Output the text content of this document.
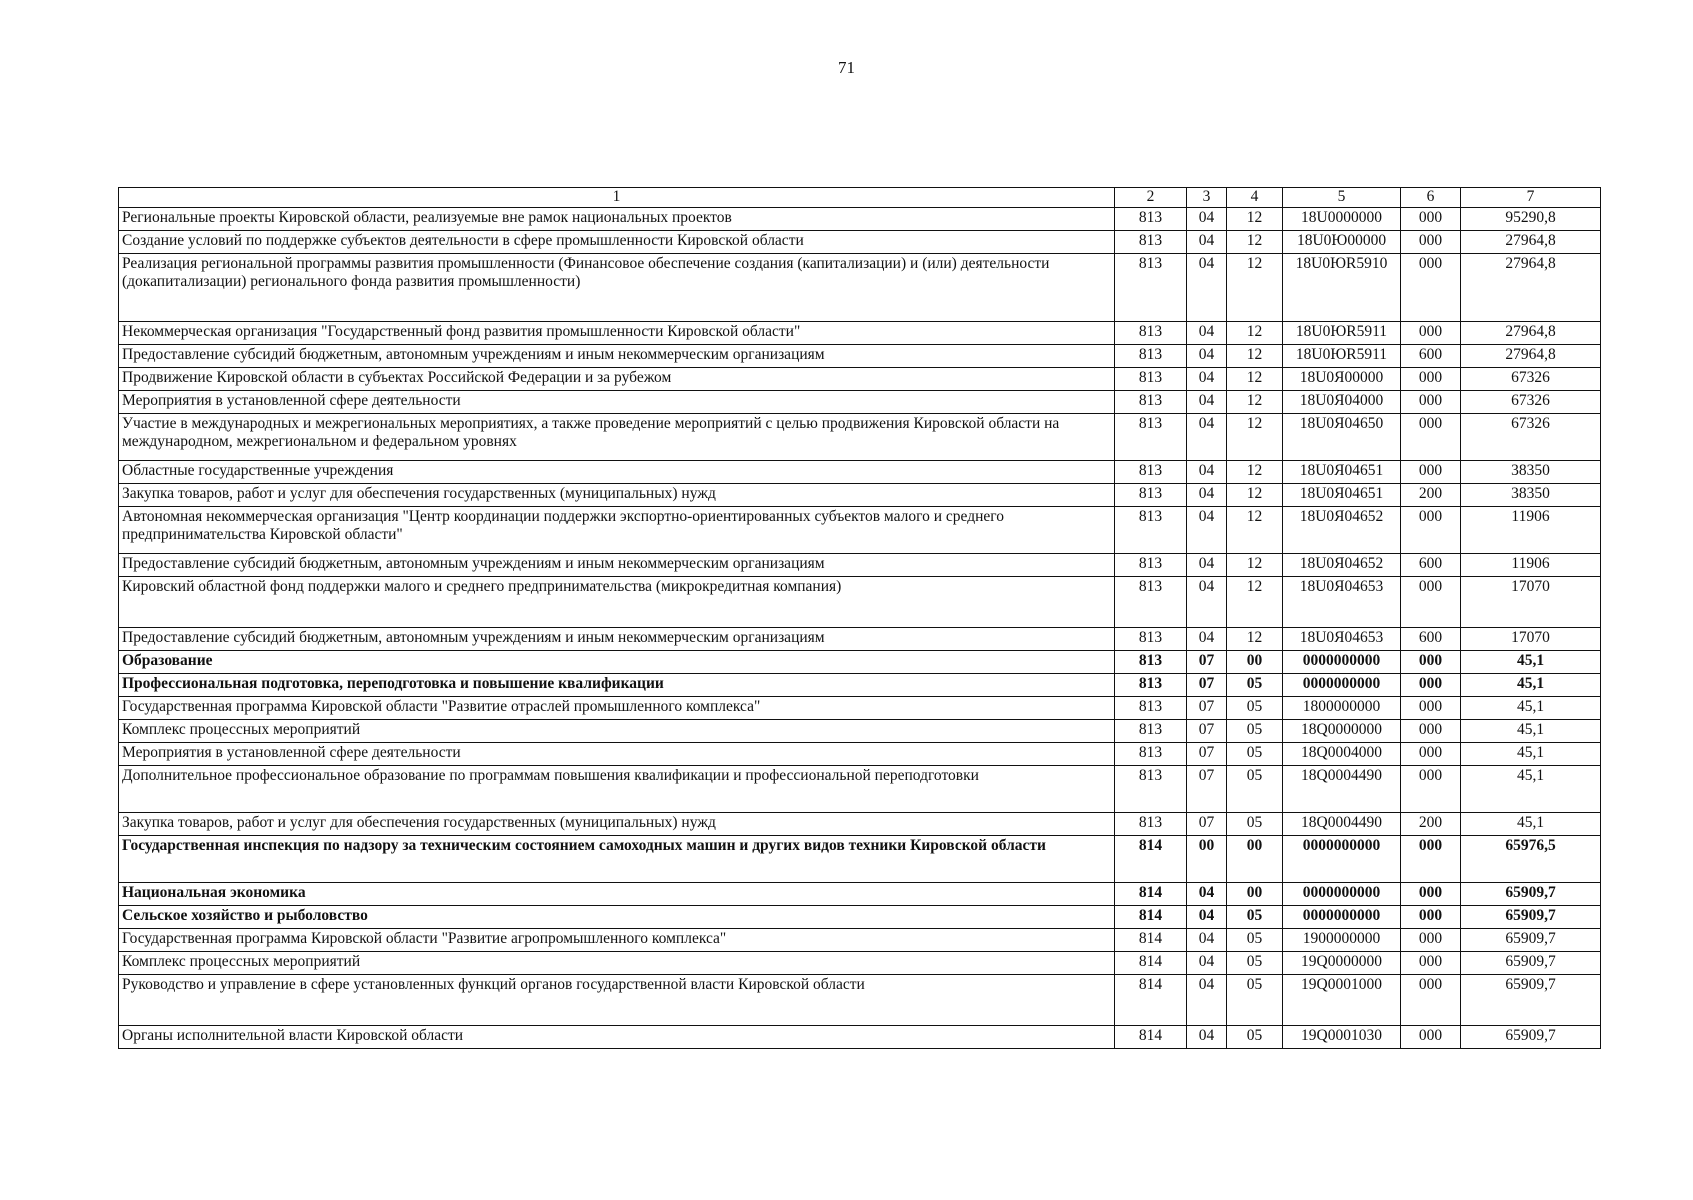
71
1	2	3	4	5	6	7
Региональные проекты Кировской области, реализуемые вне рамок национальных проектов	813	04	12	18U0000000	000	95290,8
Создание условий по поддержке субъектов деятельности в сфере промышленности Кировской области	813	04	12	18U0Ю00000	000	27964,8
Реализация региональной программы развития промышленности (Финансовое обеспечение создания (капитализации) и (или) деятельности (докапитализации) регионального фонда развития промышленности)	813	04	12	18U0ЮR5910	000	27964,8
Некоммерческая организация "Государственный фонд развития промышленности Кировской области"	813	04	12	18U0ЮR5911	000	27964,8
Предоставление субсидий бюджетным, автономным учреждениям и иным некоммерческим организациям	813	04	12	18U0ЮR5911	600	27964,8
Продвижение Кировской области в субъектах Российской Федерации и за рубежом	813	04	12	18U0Я00000	000	67326
Мероприятия в установленной сфере деятельности	813	04	12	18U0Я04000	000	67326
Участие в международных и межрегиональных мероприятиях, а также проведение мероприятий с целью продвижения Кировской области на международном, межрегиональном и федеральном уровнях	813	04	12	18U0Я04650	000	67326
Областные государственные учреждения	813	04	12	18U0Я04651	000	38350
Закупка товаров, работ и услуг для обеспечения государственных (муниципальных) нужд	813	04	12	18U0Я04651	200	38350
Автономная некоммерческая организация "Центр координации поддержки экспортно-ориентированных субъектов малого и среднего предпринимательства Кировской области"	813	04	12	18U0Я04652	000	11906
Предоставление субсидий бюджетным, автономным учреждениям и иным некоммерческим организациям	813	04	12	18U0Я04652	600	11906
Кировский областной фонд поддержки малого и среднего предпринимательства (микрокредитная компания)	813	04	12	18U0Я04653	000	17070
Предоставление субсидий бюджетным, автономным учреждениям и иным некоммерческим организациям	813	04	12	18U0Я04653	600	17070
Образование	813	07	00	0000000000	000	45,1
Профессиональная подготовка, переподготовка и повышение квалификации	813	07	05	0000000000	000	45,1
Государственная программа Кировской области "Развитие отраслей промышленного комплекса"	813	07	05	1800000000	000	45,1
Комплекс процессных мероприятий	813	07	05	18Q0000000	000	45,1
Мероприятия в установленной сфере деятельности	813	07	05	18Q0004000	000	45,1
Дополнительное профессиональное образование по программам повышения квалификации и профессиональной переподготовки	813	07	05	18Q0004490	000	45,1
Закупка товаров, работ и услуг для обеспечения государственных (муниципальных) нужд	813	07	05	18Q0004490	200	45,1
Государственная инспекция по надзору за техническим состоянием самоходных машин и других видов техники Кировской области	814	00	00	0000000000	000	65976,5
Национальная экономика	814	04	00	0000000000	000	65909,7
Сельское хозяйство и рыболовство	814	04	05	0000000000	000	65909,7
Государственная программа Кировской области "Развитие агропромышленного комплекса"	814	04	05	1900000000	000	65909,7
Комплекс процессных мероприятий	814	04	05	19Q0000000	000	65909,7
Руководство и управление в сфере установленных функций органов государственной власти Кировской области	814	04	05	19Q0001000	000	65909,7
Органы исполнительной власти Кировской области	814	04	05	19Q0001030	000	65909,7
